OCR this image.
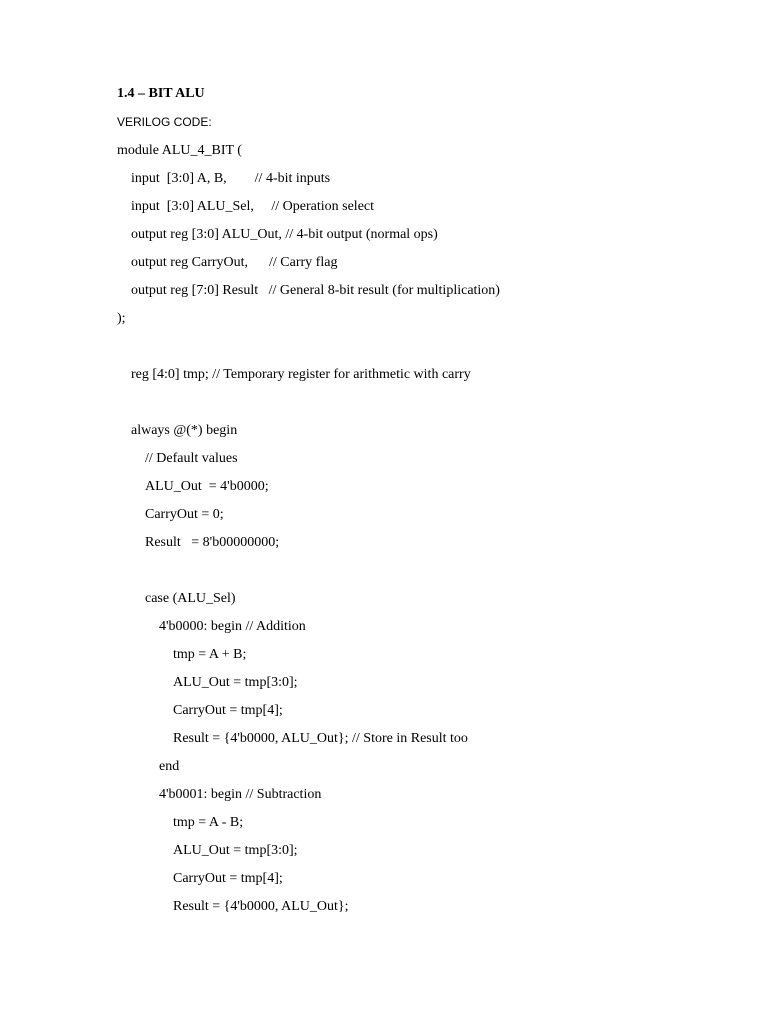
1.4 – BIT ALU
VERILOG CODE:
module ALU_4_BIT (
input  [3:0] A, B,        // 4-bit inputs
input  [3:0] ALU_Sel,     // Operation select
output reg [3:0] ALU_Out, // 4-bit output (normal ops)
output reg CarryOut,      // Carry flag
output reg [7:0] Result   // General 8-bit result (for multiplication)
);
reg [4:0] tmp; // Temporary register for arithmetic with carry
always @(*) begin
// Default values
ALU_Out  = 4'b0000;
CarryOut = 0;
Result   = 8'b00000000;
case (ALU_Sel)
4'b0000: begin // Addition
tmp = A + B;
ALU_Out = tmp[3:0];
CarryOut = tmp[4];
Result = {4'b0000, ALU_Out}; // Store in Result too
end
4'b0001: begin // Subtraction
tmp = A - B;
ALU_Out = tmp[3:0];
CarryOut = tmp[4];
Result = {4'b0000, ALU_Out};
